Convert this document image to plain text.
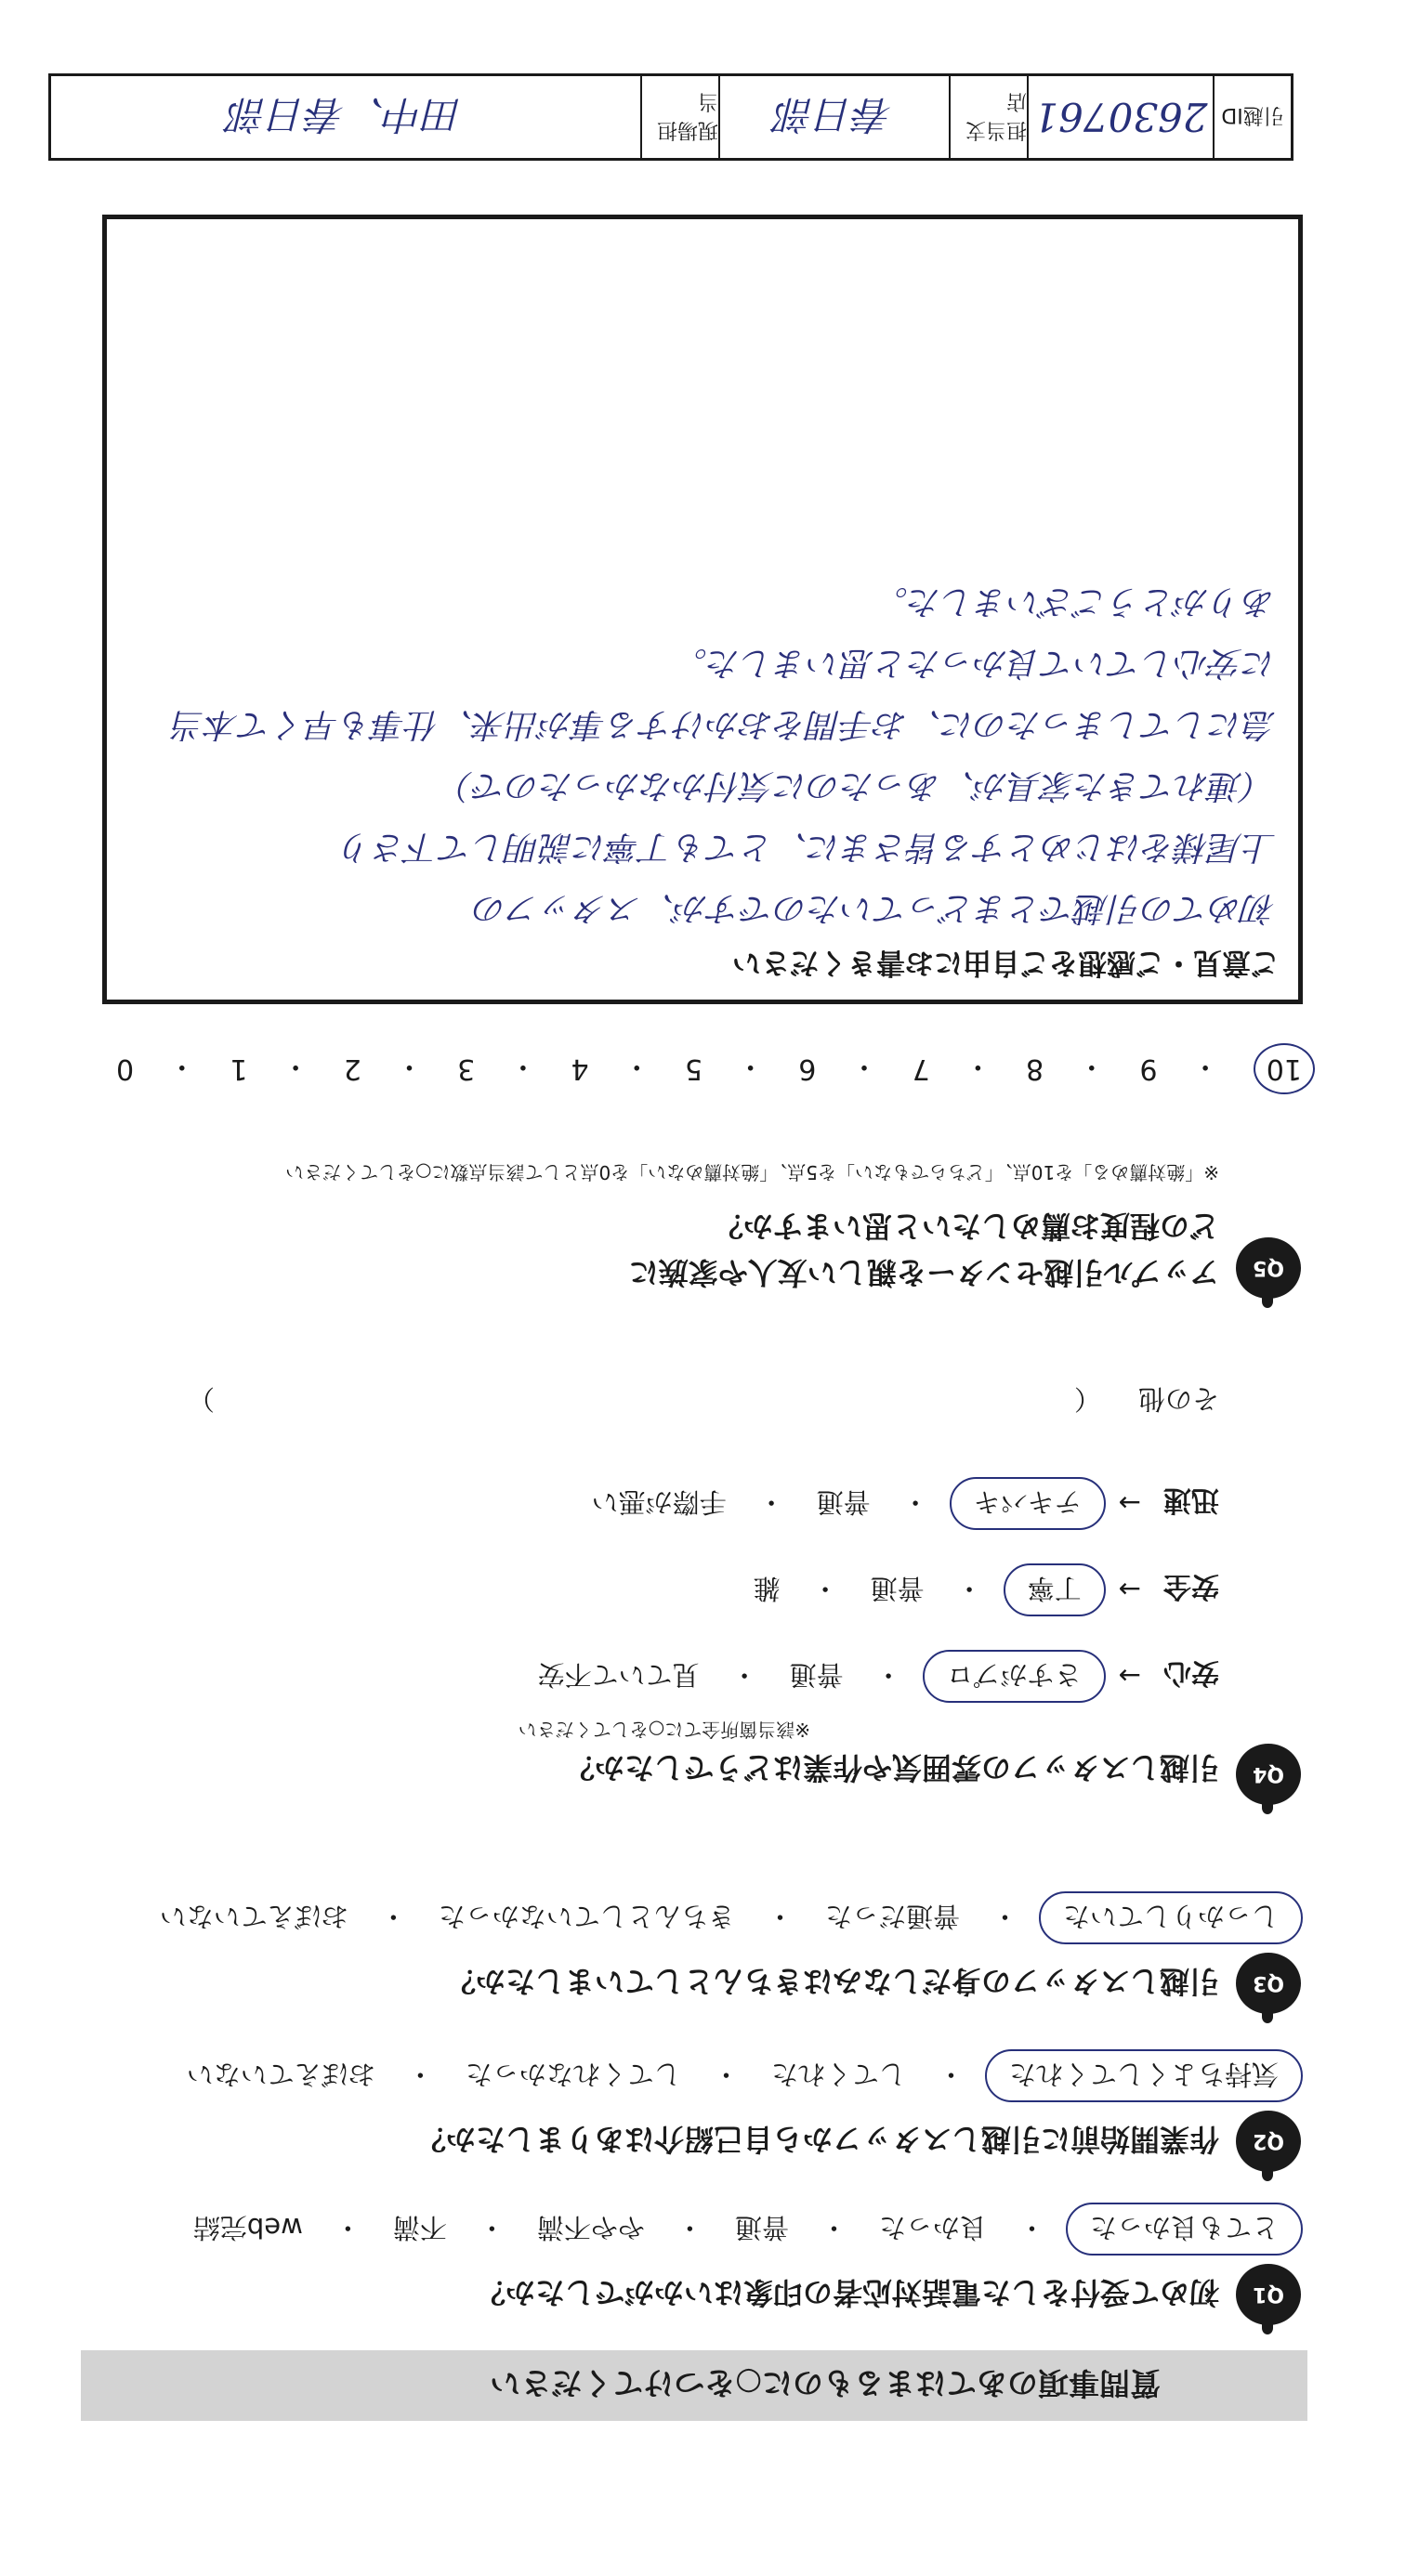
質問事項のあてはまるものに○をつけてください
Q1
初めて受付をした電話対応者の印象はいかがでしたか？
とても良かった
・
良かった
・
普通
・
やや不満
・
不満
・
web完結
Q2
作業開始前に引越しスタッフから自己紹介はありましたか？
気持ちよくしてくれた
・
してくれた
・
してくれなかった
・
おぼえていない
Q3
引越しスタッフの身だしなみはきちんとしていましたか？
しっかりしていた
・
普通だった
・
きちんとしていなかった
・
おぼえていない
Q4
引越しスタッフの雰囲気や作業はどうでしたか？
※該当箇所全てに○をしてください
安心
→
さすがプロ
・
普通
・
見ていて不安
安全
→
丁寧
・
普通
・
雑
迅速
→
テキパキ
・
普通
・
手際が悪い
その他
（
）
Q5
アップル引越センターを親しい友人や家族に
どの程度お薦めしたいと思いますか？
※「絶対薦める」を10点、「どちらでもない」を5点、「絶対薦めない」を0点として該当点数に○をしてください
10
・
9
・
8
・
7
・
6
・
5
・
4
・
3
・
2
・
1
・
0
ご意見・ご感想をご自由にお書きください
初めての引越でとまどっていたのですが、スタッフの
上尾様をはじめとする皆さまに、とても丁寧に説明して下さり
（連れてきた家具が、あったのに気付かなかったので）
急にしてしまったのに、お手間をおかけする事が出来、仕事も早くて本当
に安心していて良かったと思いました。
ありがとうございました。
引越ID
2630761
担当支店
春日部
現場担当
田中、春日部
